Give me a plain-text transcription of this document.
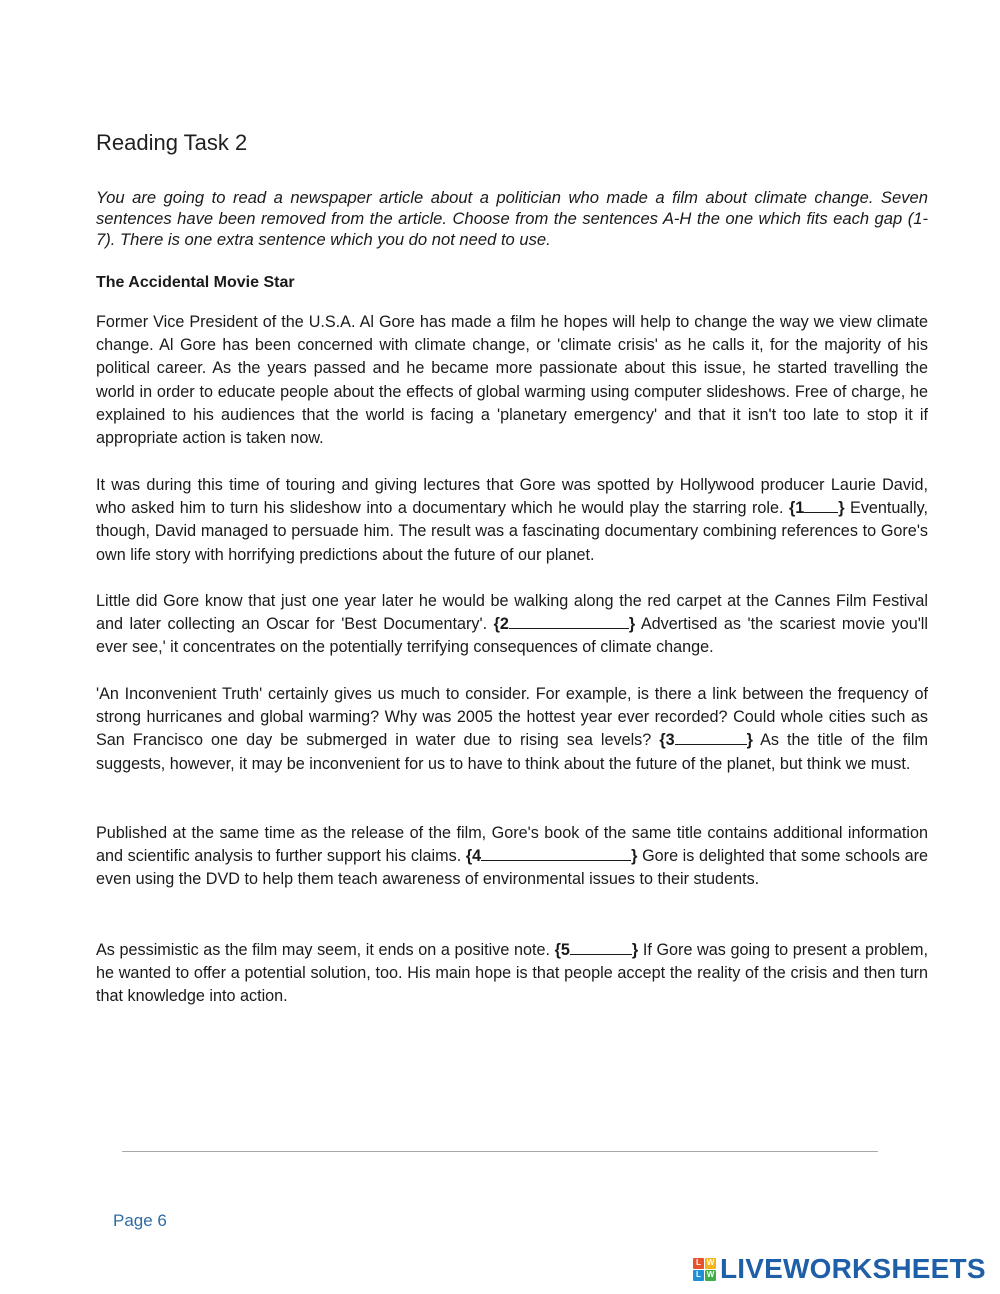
Reading Task 2
You are going to read a newspaper article about a politician who made a film about climate change. Seven sentences have been removed from the article. Choose from the sentences A-H the one which fits each gap (1-7). There is one extra sentence which you do not need to use.
The Accidental Movie Star

Former Vice President of the U.S.A. Al Gore has made a film he hopes will help to change the way we view climate change. Al Gore has been concerned with climate change, or 'climate crisis' as he calls it, for the majority of his political career. As the years passed and he became more passionate about this issue, he started travelling the world in order to educate people about the effects of global warming using computer slideshows. Free of charge, he explained to his audiences that the world is facing a 'planetary emergency' and that it isn't too late to stop it if appropriate action is taken now.

It was during this time of touring and giving lectures that Gore was spotted by Hollywood producer Laurie David, who asked him to turn his slideshow into a documentary which he would play the starring role. {1 } Eventually, though, David managed to persuade him. The result was a fascinating documentary combining references to Gore's own life story with horrifying predictions about the future of our planet.

Little did Gore know that just one year later he would be walking along the red carpet at the Cannes Film Festival and later collecting an Oscar for 'Best Documentary'. {2	} Advertised as 'the scariest movie you'll ever see,' it concentrates on the potentially terrifying consequences of climate change.

'An Inconvenient Truth' certainly gives us much to consider. For example, is there a link between the frequency of strong hurricanes and global warming? Why was 2005 the hottest year ever recorded? Could whole cities such as San Francisco one day be submerged in water due to rising sea levels? {3	} As the title of the film suggests, however, it may be inconvenient for us to have to think about the future of the planet, but think we must.

Published at the same time as the release of the film, Gore's book of the same title contains additional information and scientific analysis to further support his claims. {4	} Gore is delighted that some schools are even using the DVD to help them teach awareness of environmental issues to their students.

As pessimistic as the film may seem, it ends on a positive note. {5	} If Gore was going to present a problem, he wanted to offer a potential solution, too. His main hope is that people accept the reality of the crisis and then turn that knowledge into action.

Page 6
L W
L W LIVEWORKSHEETS
